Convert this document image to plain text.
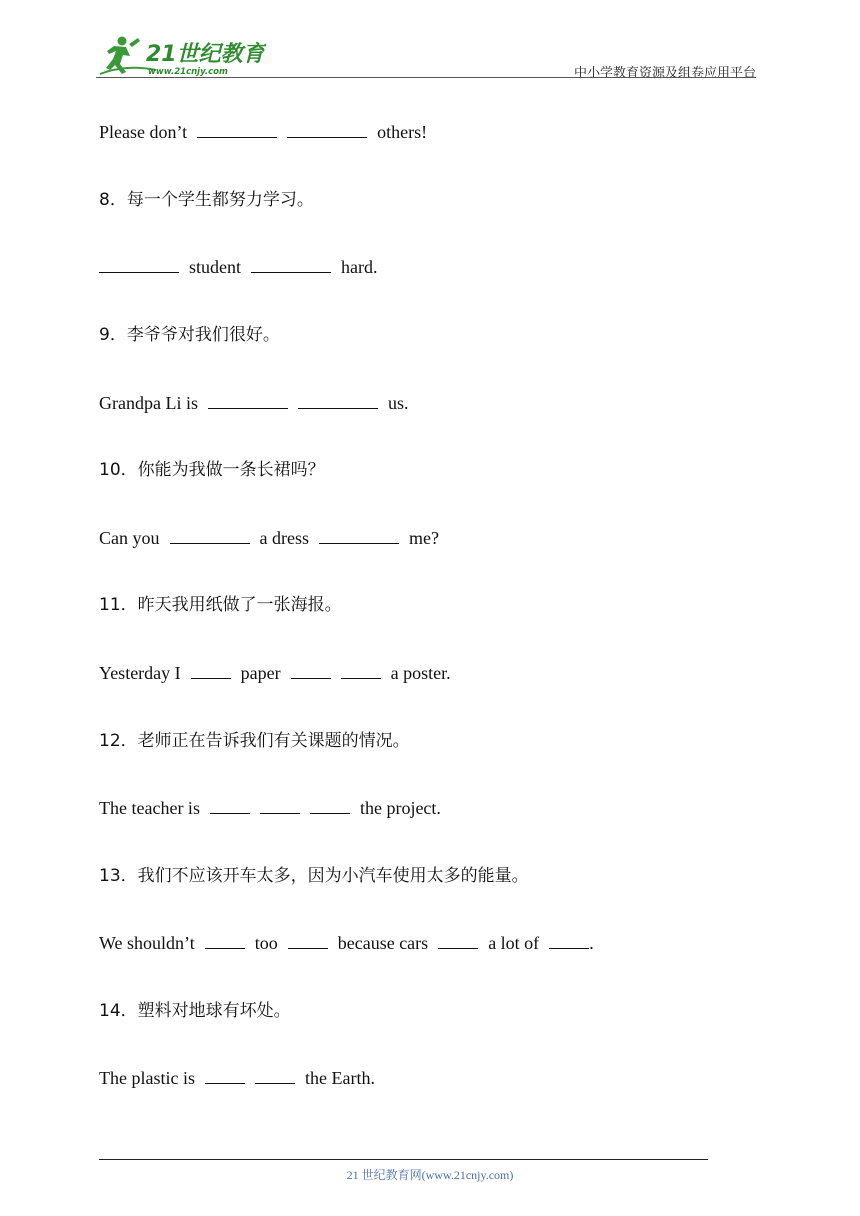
21世纪教育
www.21cnjy.com	中小学教育资源及组卷应用平台
Please don’t	others!
8．每一个学生都努力学习。
student	hard.
9．李爷爷对我们很好。
Grandpa Li is	us.
10．你能为我做一条长裙吗？
Can you	a dress	me?
11．昨天我用纸做了一张海报。
Yesterday I	paper	a poster.
12．老师正在告诉我们有关课题的情况。
The teacher is	the project.
13．我们不应该开车太多，因为小汽车使用太多的能量。
We shouldn’t	too	because cars	a lot of	.
14．塑料对地球有坏处。
The plastic is	the Earth.
21 世纪教育网(www.21cnjy.com)
